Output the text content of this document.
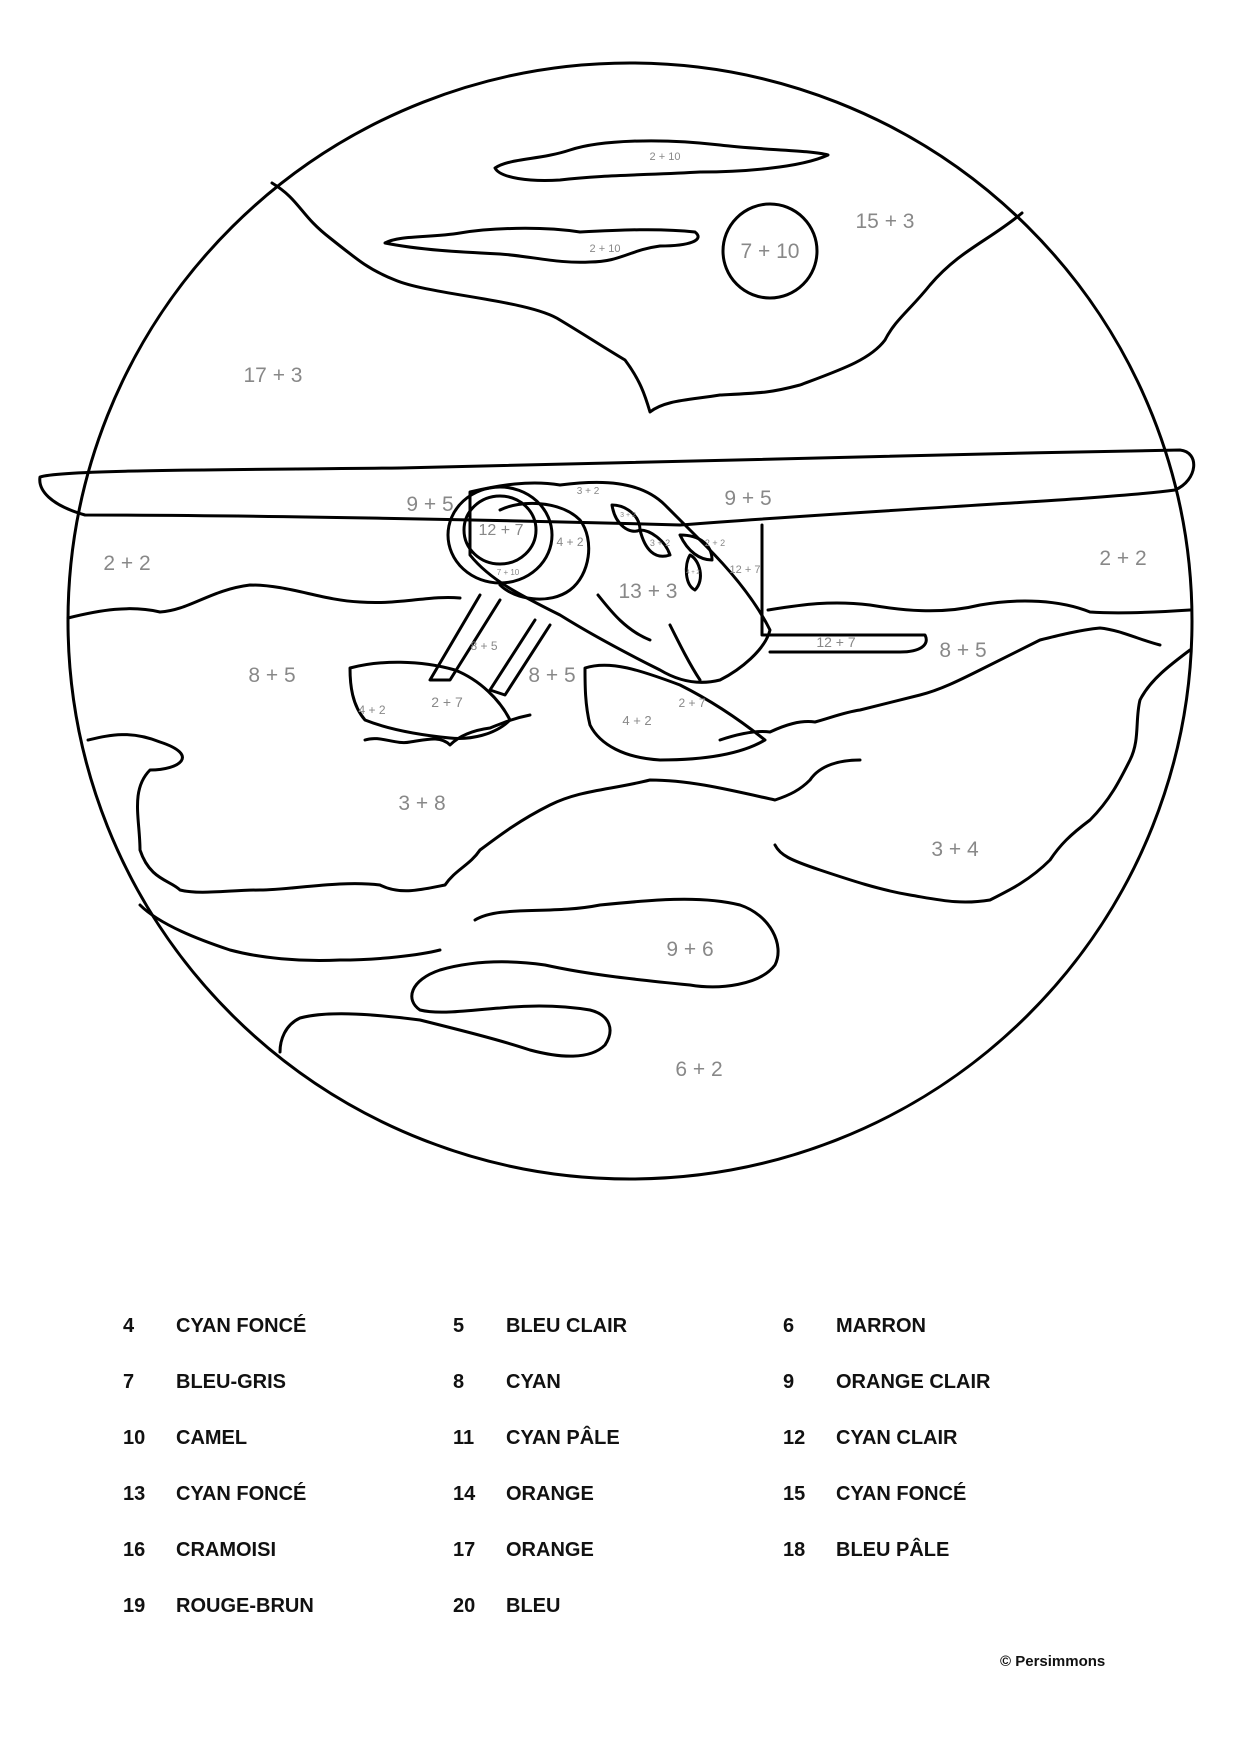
2 + 10
2 + 10	7 + 10
15 + 3
17 + 3
9 + 5	9 + 5
2 + 2	2 + 2
12 + 7
7 + 10
4 + 2
3 + 2
3 + 2
3 + 2	2 + 2
4 + 2	12 + 7
13 + 3
8 + 5
8 + 5	8 + 5
8 + 5
12 + 7
4 + 2	2 + 7
4 + 2
2 + 7
3 + 8
3 + 4
9 + 6
6 + 2
4	CYAN FONCÉ	5	BLEU CLAIR	6	MARRON
7	BLEU-GRIS	8	CYAN	9	ORANGE CLAIR
10	CAMEL	11	CYAN PÂLE	12	CYAN CLAIR
13	CYAN FONCÉ	14	ORANGE	15	CYAN FONCÉ
16	CRAMOISI	17	ORANGE	18	BLEU PÂLE
19	ROUGE-BRUN	20	BLEU
© Persimmons
